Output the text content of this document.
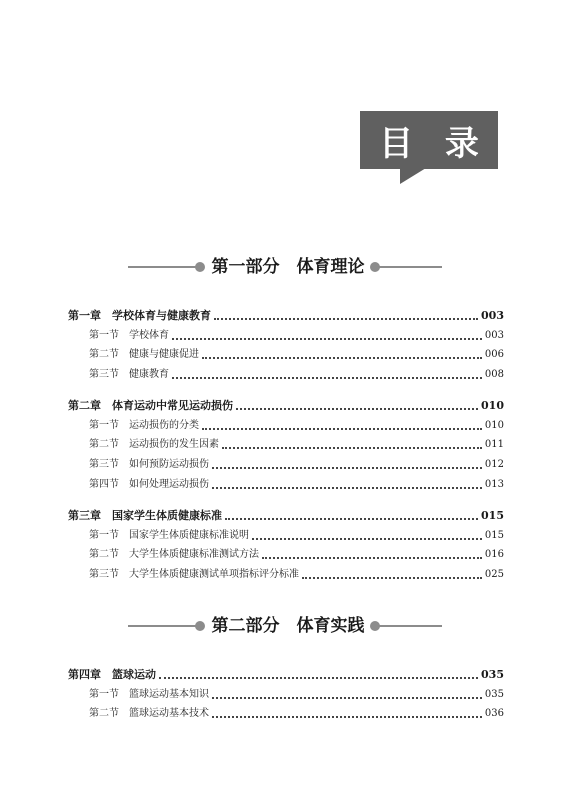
目 录
第一部分　体育理论
第一章　学校体育与健康教育	003
第一节　学校体育	003
第二节　健康与健康促进	006
第三节　健康教育	008
第二章　体育运动中常见运动损伤	010
第一节　运动损伤的分类	010
第二节　运动损伤的发生因素	011
第三节　如何预防运动损伤	012
第四节　如何处理运动损伤	013
第三章　国家学生体质健康标准	015
第一节　国家学生体质健康标准说明	015
第二节　大学生体质健康标准测试方法	016
第三节　大学生体质健康测试单项指标评分标准	025
第二部分　体育实践
第四章　篮球运动	035
第一节　篮球运动基本知识	035
第二节　篮球运动基本技术	036
